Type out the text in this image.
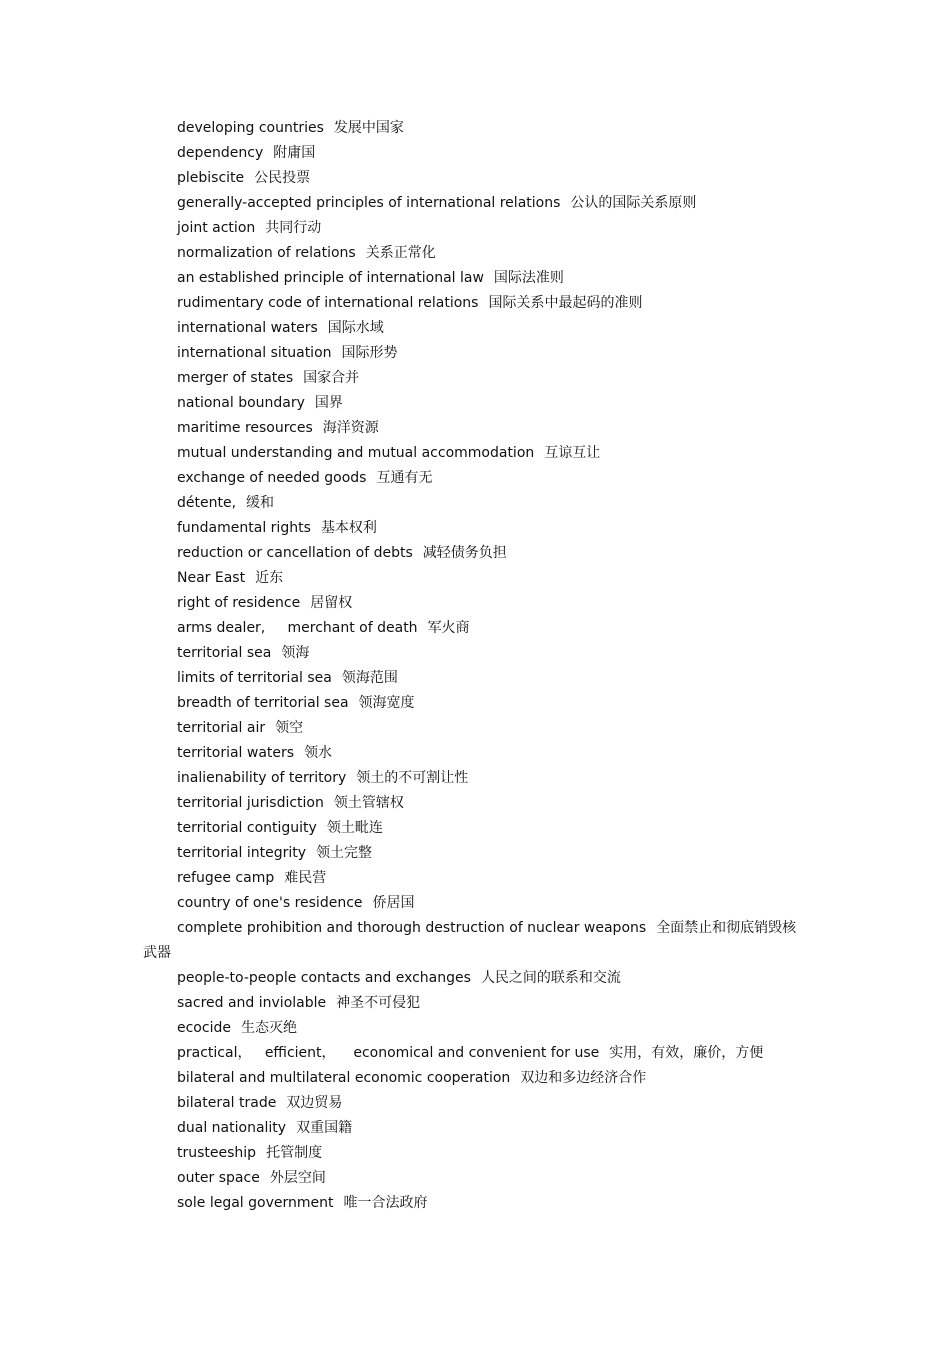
developing countries 发展中国家
dependency 附庸国
plebiscite 公民投票
generally-accepted principles of international relations 公认的国际关系原则
joint action 共同行动
normalization of relations 关系正常化
an established principle of international law 国际法准则
rudimentary code of international relations 国际关系中最起码的准则
international waters 国际水域
international situation 国际形势
merger of states 国家合并
national boundary 国界
maritime resources 海洋资源
mutual understanding and mutual accommodation 互谅互让
exchange of needed goods 互通有无
détente, 缓和
fundamental rights 基本权利
reduction or cancellation of debts 减轻债务负担
Near East 近东
right of residence 居留权
arms dealer,     merchant of death 军火商
territorial sea 领海
limits of territorial sea 领海范围
breadth of territorial sea 领海宽度
territorial air 领空
territorial waters 领水
inalienability of territory 领土的不可割让性
territorial jurisdiction 领土管辖权
territorial contiguity 领土毗连
territorial integrity 领土完整
refugee camp 难民营
country of one's residence 侨居国
complete prohibition and thorough destruction of nuclear weapons 全面禁止和彻底销毁核
武器
people-to-people contacts and exchanges 人民之间的联系和交流
sacred and inviolable 神圣不可侵犯
ecocide 生态灭绝
practical，   efficient，    economical and convenient for use 实用，有效，廉价，方便
bilateral and multilateral economic cooperation 双边和多边经济合作
bilateral trade 双边贸易
dual nationality 双重国籍
trusteeship 托管制度
outer space 外层空间
sole legal government 唯一合法政府
